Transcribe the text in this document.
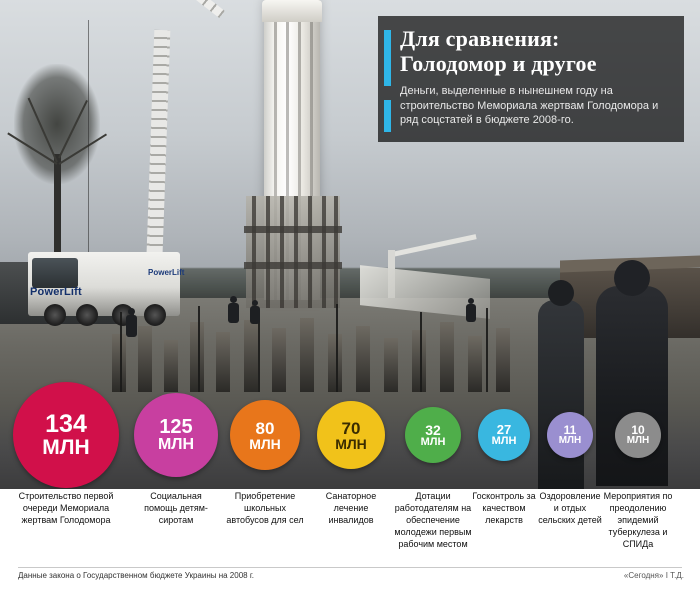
PowerLift
PowerLift
Для сравнения:
Голодомор и другое

Деньги, выделенные в нынешнем году на строительство Мемориала жертвам Голодомора и ряд соцстатей в бюджете 2008-го.

134
МЛН
125
МЛН
80
МЛН
70
МЛН
32
МЛН
27
МЛН
11
МЛН
10
МЛН
Строительство первой очереди Мемориала жертвам Голодомора
Социальная помощь детям-сиротам
Приобретение школьных автобусов для сел
Санаторное лечение инвалидов
Дотации работодателям на обеспечение молодежи первым рабочим местом
Госконтроль за качеством лекарств
Оздоровление и отдых сельских детей
Мероприятия по преодолению эпидемий туберкулеза и СПИДа
Данные закона о Государственном бюджете Украины на 2008 г.	«Сегодня» І Т.Д.
